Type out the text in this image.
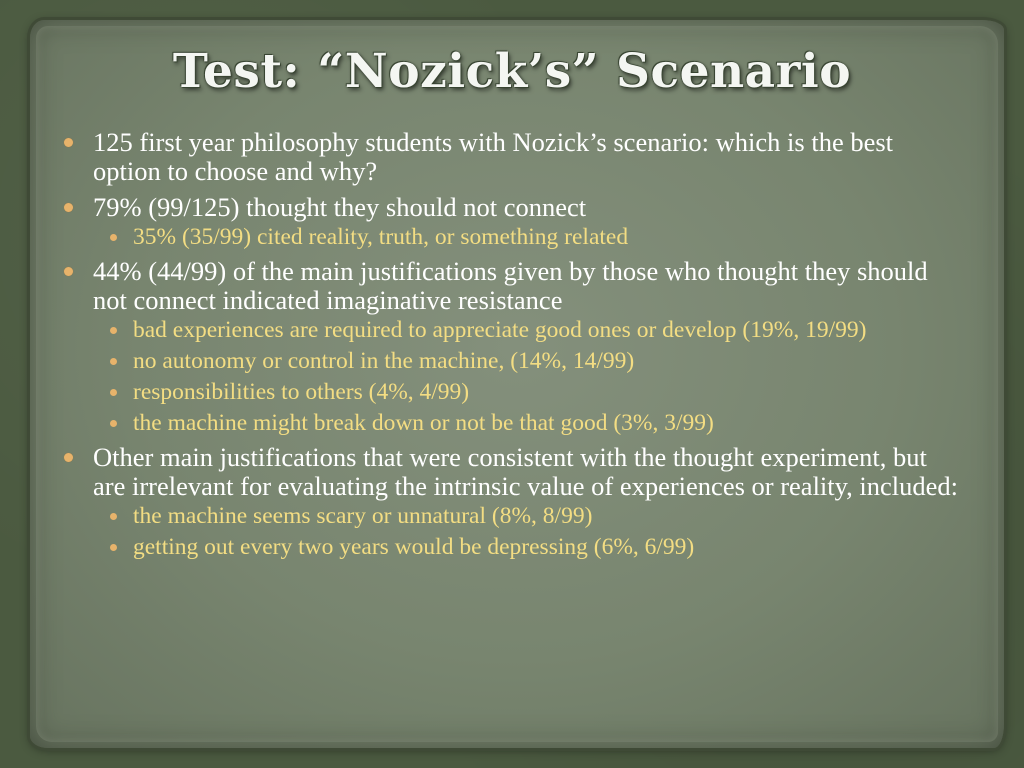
Test: “Nozick’s” Scenario
125 first year philosophy students with Nozick’s scenario: which is the best option to choose and why?
79% (99/125) thought they should not connect
35% (35/99) cited reality, truth, or something related
44% (44/99) of the main justifications given by those who thought they should not connect indicated imaginative resistance
bad experiences are required to appreciate good ones or develop (19%, 19/99)
no autonomy or control in the machine, (14%, 14/99)
responsibilities to others (4%, 4/99)
the machine might break down or not be that good (3%, 3/99)
Other main justifications that were consistent with the thought experiment, but are irrelevant for evaluating the intrinsic value of experiences or reality, included:
the machine seems scary or unnatural (8%, 8/99)
getting out every two years would be depressing (6%, 6/99)
